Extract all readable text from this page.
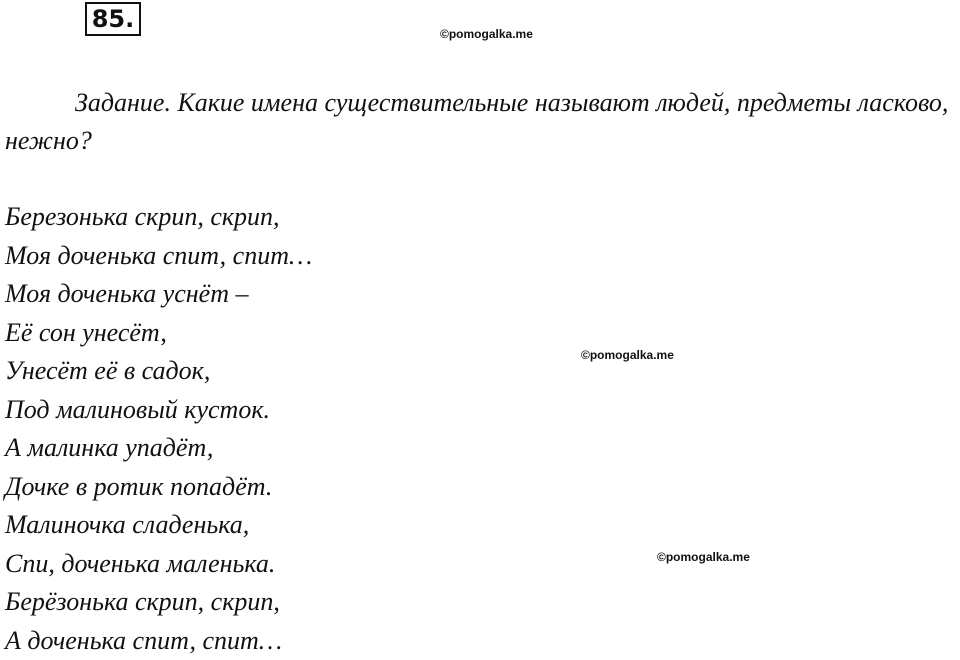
85.
©pomogalka.me
©pomogalka.me
©pomogalka.me
Задание. Какие имена существительные называют людей, предметы ласково, нежно?
Березонька скрип, скрип,
Моя доченька спит, спит…
Моя доченька уснёт –
Её сон унесёт,
Унесёт её в садок,
Под малиновый кусток.
А малинка упадёт,
Дочке в ротик попадёт.
Малиночка сладенька,
Спи, доченька маленька.
Берёзонька скрип, скрип,
А доченька спит, спит…
